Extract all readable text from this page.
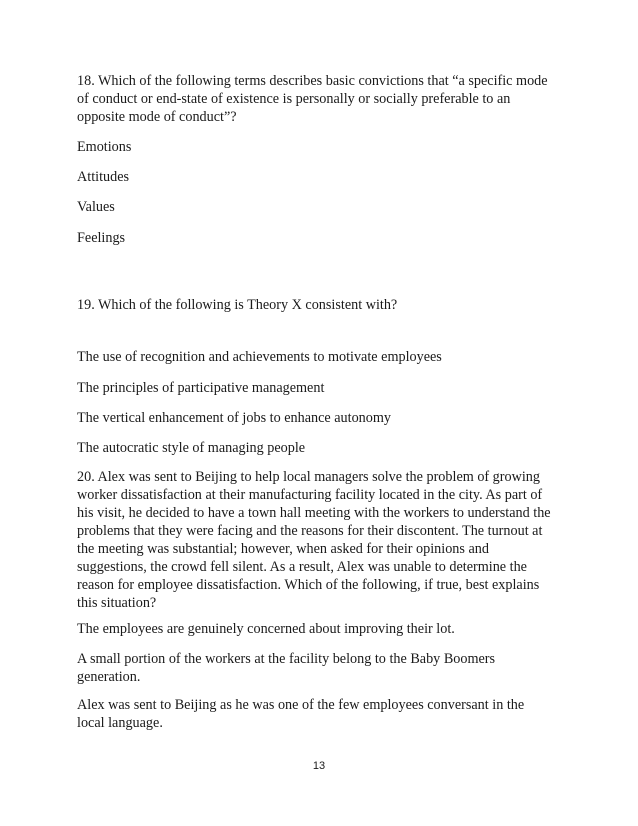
18. Which of the following terms describes basic convictions that “a specific mode
of conduct or end-state of existence is personally or socially preferable to an
opposite mode of conduct”?
Emotions
Attitudes
Values
Feelings
19. Which of the following is Theory X consistent with?
The use of recognition and achievements to motivate employees
The principles of participative management
The vertical enhancement of jobs to enhance autonomy
The autocratic style of managing people
20. Alex was sent to Beijing to help local managers solve the problem of growing
worker dissatisfaction at their manufacturing facility located in the city. As part of
his visit, he decided to have a town hall meeting with the workers to understand the
problems that they were facing and the reasons for their discontent. The turnout at
the meeting was substantial; however, when asked for their opinions and
suggestions, the crowd fell silent. As a result, Alex was unable to determine the
reason for employee dissatisfaction. Which of the following, if true, best explains
this situation?
The employees are genuinely concerned about improving their lot.
A small portion of the workers at the facility belong to the Baby Boomers
generation.
Alex was sent to Beijing as he was one of the few employees conversant in the
local language.
13
